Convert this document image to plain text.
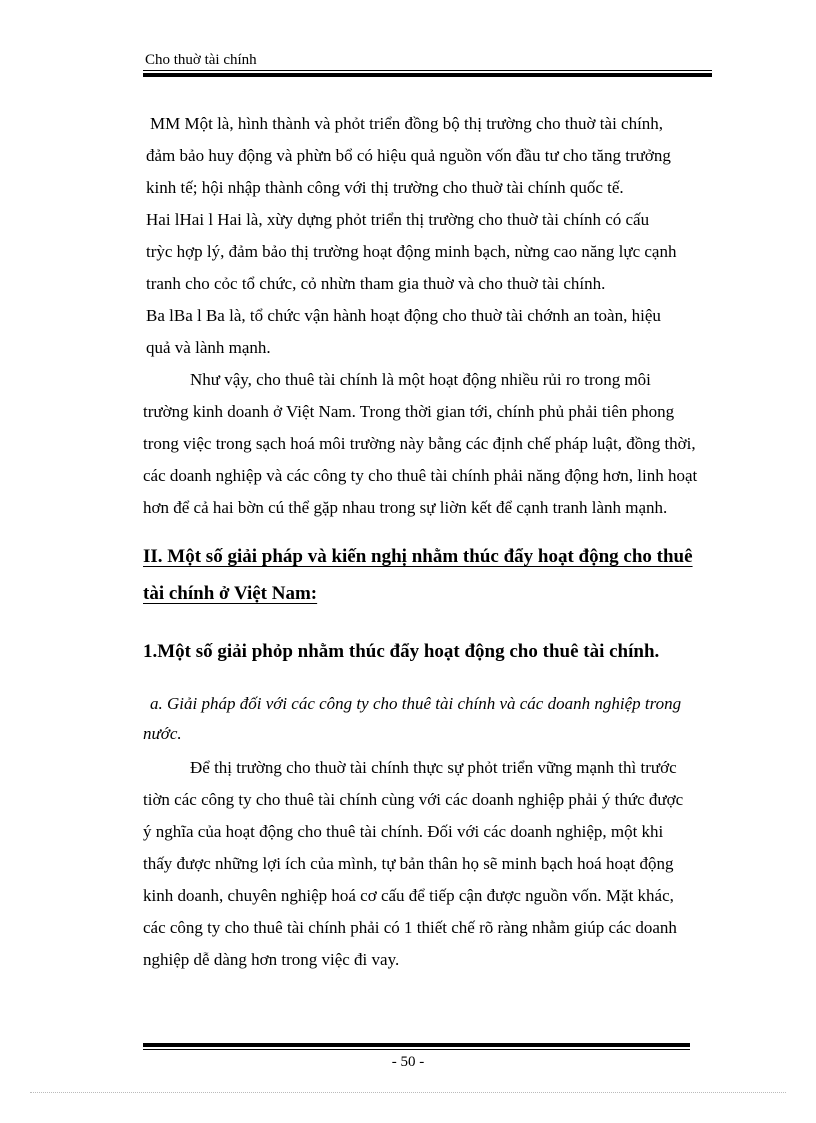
Cho thuờ tài chính
MM Một là, hình thành và phỏt triển đồng bộ thị trường cho thuờ tài chính,
đảm bảo huy động và phừn bổ có hiệu quả nguồn vốn đầu tư cho tăng trưởng
kinh tế; hội nhập thành công với thị trường cho thuờ tài chính quốc tế.
Hai lHai l Hai là, xừy dựng phỏt triển thị trường cho thuờ tài chính có cấu
trỳc hợp lý, đảm bảo thị trường hoạt động minh bạch, nừng cao năng lực cạnh
tranh cho cỏc tổ chức, cỏ nhừn tham gia thuờ và cho thuờ tài chính.
Ba lBa l Ba là, tổ chức vận hành hoạt động cho thuờ tài chớnh an toàn, hiệu
quả và lành mạnh.
Như vậy, cho thuê tài chính là một hoạt động nhiều rủi ro trong môi
trường kinh doanh ở Việt Nam. Trong thời gian tới, chính phủ phải tiên phong
trong việc trong sạch hoá môi trường này bằng các định chế pháp luật, đồng thời,
các doanh nghiệp và các công ty cho thuê tài chính phải năng động hơn, linh hoạt
hơn để cả hai bờn cú thể gặp nhau trong sự liờn kết để cạnh tranh lành mạnh.
II. Một số giải pháp và kiến nghị nhằm thúc đẩy hoạt động cho thuê
tài chính ở Việt Nam:
1.Một số giải phỏp nhằm thúc đẩy hoạt động cho thuê tài chính.
a. Giải pháp đối với các công ty cho thuê tài chính và các doanh nghiệp trong
nước.
Để thị trường cho thuờ tài chính thực sự phỏt triển vững mạnh thì trước
tiờn các công ty cho thuê tài chính cùng với các doanh nghiệp phải ý thức được
ý nghĩa của hoạt động cho thuê tài chính. Đối với các doanh nghiệp, một khi
thấy được những lợi ích của mình, tự bản thân họ sẽ minh bạch hoá hoạt động
kinh doanh, chuyên nghiệp hoá cơ cấu để tiếp cận được nguồn vốn. Mặt khác,
các công ty cho thuê tài chính phải có 1 thiết chế rõ ràng nhằm giúp các doanh
nghiệp dễ dàng hơn trong việc đi vay.
- 50 -
